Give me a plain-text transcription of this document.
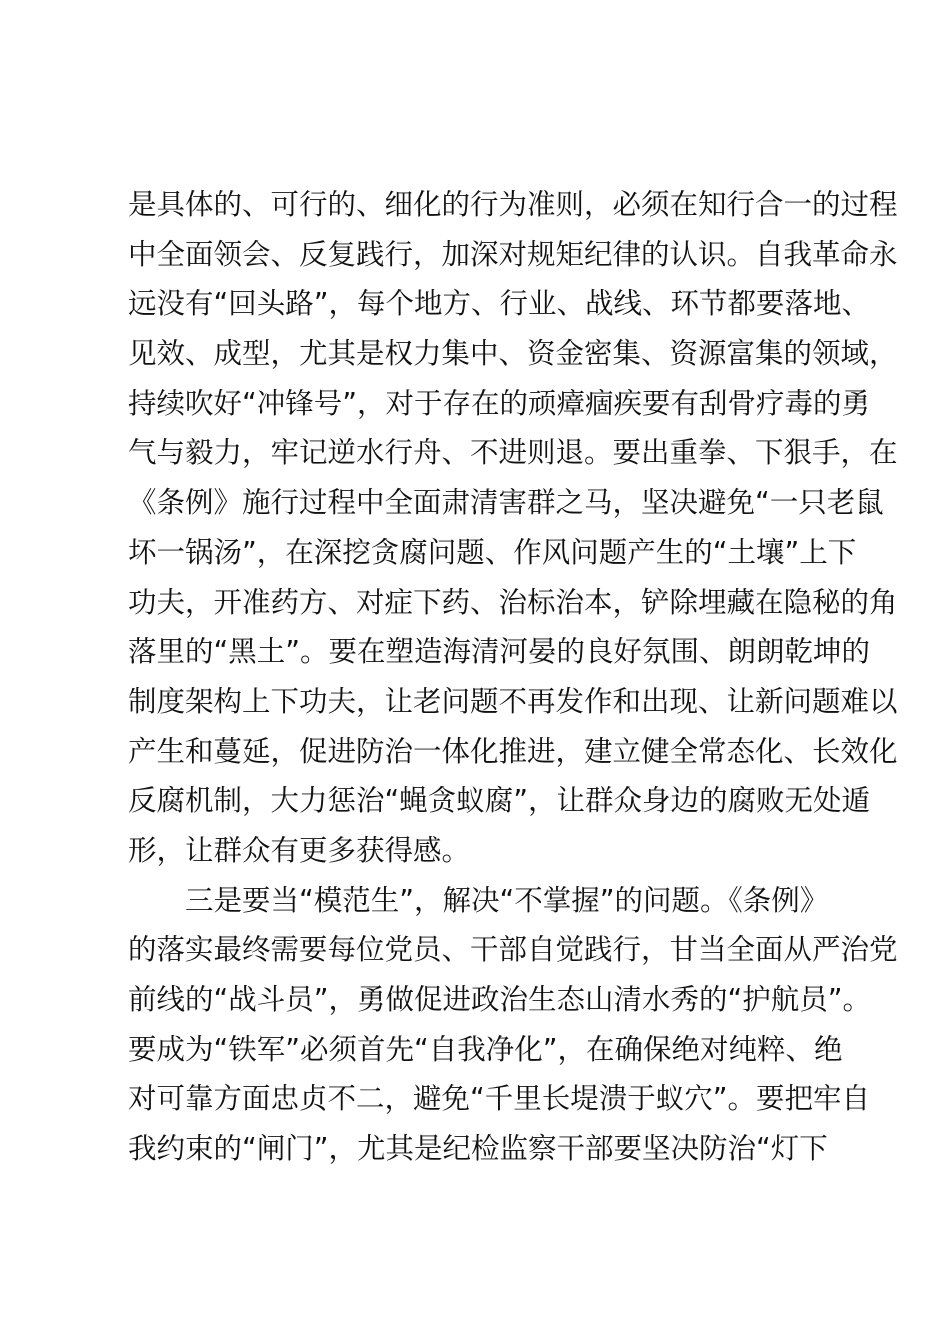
是具体的、可行的、细化的行为准则，必须在知行合一的过程
中全面领会、反复践行，加深对规矩纪律的认识。自我革命永
远没有“回头路”，每个地方、行业、战线、环节都要落地、
见效、成型，尤其是权力集中、资金密集、资源富集的领域，
持续吹好“冲锋号”，对于存在的顽瘴痼疾要有刮骨疗毒的勇
气与毅力，牢记逆水行舟、不进则退。要出重拳、下狠手，在
《条例》施行过程中全面肃清害群之马，坚决避免“一只老鼠
坏一锅汤”，在深挖贪腐问题、作风问题产生的“土壤”上下
功夫，开准药方、对症下药、治标治本，铲除埋藏在隐秘的角
落里的“黑土”。要在塑造海清河晏的良好氛围、朗朗乾坤的
制度架构上下功夫，让老问题不再发作和出现、让新问题难以
产生和蔓延，促进防治一体化推进，建立健全常态化、长效化
反腐机制，大力惩治“蝇贪蚁腐”，让群众身边的腐败无处遁
形，让群众有更多获得感。
三是要当“模范生”，解决“不掌握”的问题。《条例》
的落实最终需要每位党员、干部自觉践行，甘当全面从严治党
前线的“战斗员”，勇做促进政治生态山清水秀的“护航员”。
要成为“铁军”必须首先“自我净化”，在确保绝对纯粹、绝
对可靠方面忠贞不二，避免“千里长堤溃于蚁穴”。要把牢自
我约束的“闸门”，尤其是纪检监察干部要坚决防治“灯下
